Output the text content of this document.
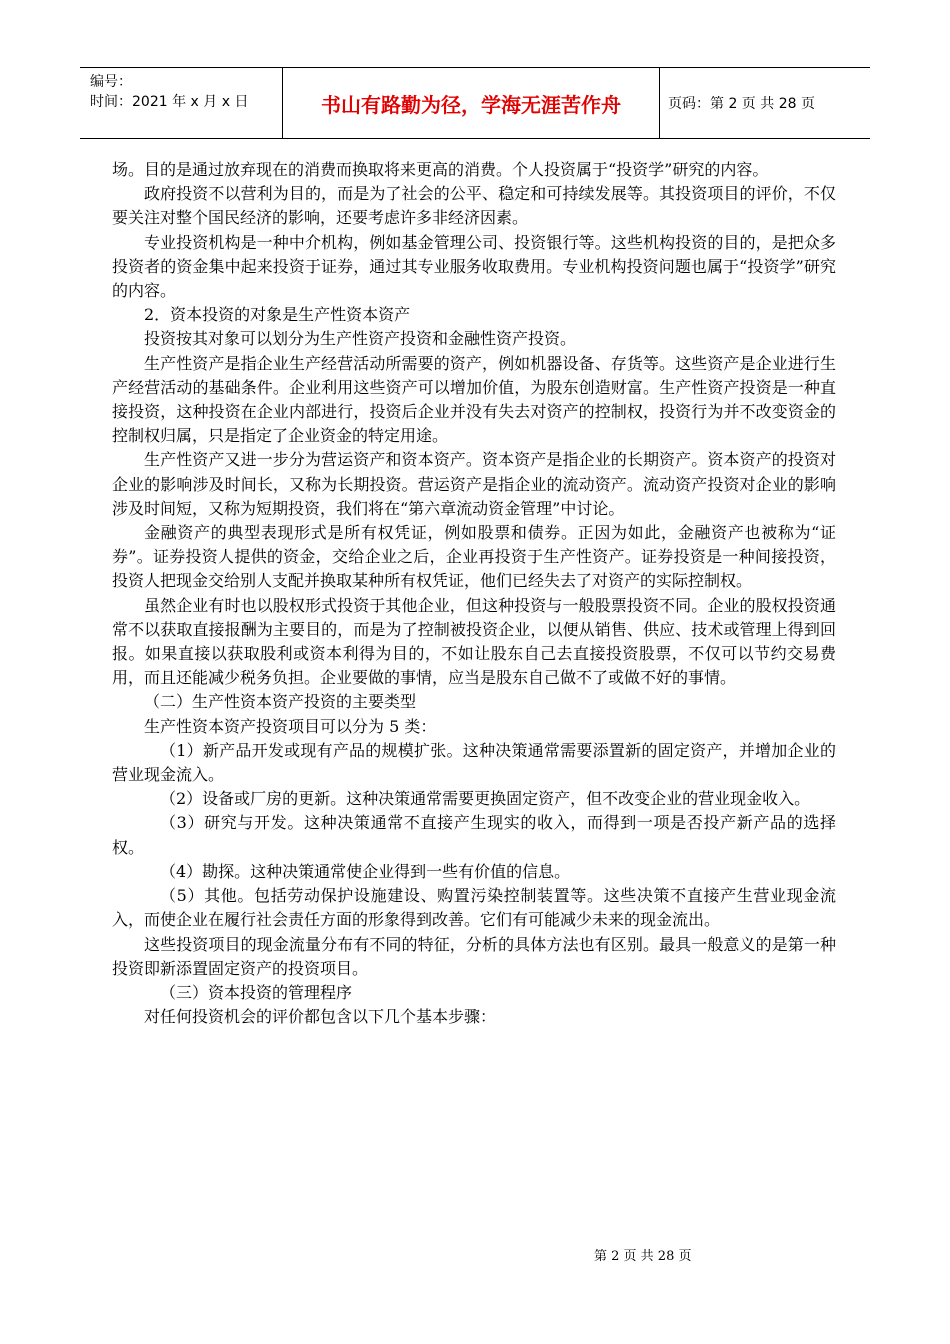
编号：
时间：2021 年 x 月 x 日	书山有路勤为径，学海无涯苦作舟	页码：第 2 页 共 28 页

场。目的是通过放弃现在的消费而换取将来更高的消费。个人投资属于“投资学”研究的内容。

政府投资不以营利为目的，而是为了社会的公平、稳定和可持续发展等。其投资项目的评价，不仅要关注对整个国民经济的影响，还要考虑许多非经济因素。

专业投资机构是一种中介机构，例如基金管理公司、投资银行等。这些机构投资的目的，是把众多投资者的资金集中起来投资于证券，通过其专业服务收取费用。专业机构投资问题也属于“投资学”研究的内容。

2．资本投资的对象是生产性资本资产

投资按其对象可以划分为生产性资产投资和金融性资产投资。

生产性资产是指企业生产经营活动所需要的资产，例如机器设备、存货等。这些资产是企业进行生产经营活动的基础条件。企业利用这些资产可以增加价值，为股东创造财富。生产性资产投资是一种直接投资，这种投资在企业内部进行，投资后企业并没有失去对资产的控制权，投资行为并不改变资金的控制权归属，只是指定了企业资金的特定用途。

生产性资产又进一步分为营运资产和资本资产。资本资产是指企业的长期资产。资本资产的投资对企业的影响涉及时间长，又称为长期投资。营运资产是指企业的流动资产。流动资产投资对企业的影响涉及时间短，又称为短期投资，我们将在“第六章流动资金管理”中讨论。

金融资产的典型表现形式是所有权凭证，例如股票和债券。正因为如此，金融资产也被称为“证券”。证券投资人提供的资金，交给企业之后，企业再投资于生产性资产。证券投资是一种间接投资，投资人把现金交给别人支配并换取某种所有权凭证，他们已经失去了对资产的实际控制权。

虽然企业有时也以股权形式投资于其他企业，但这种投资与一般股票投资不同。企业的股权投资通常不以获取直接报酬为主要目的，而是为了控制被投资企业，以便从销售、供应、技术或管理上得到回报。如果直接以获取股利或资本利得为目的，不如让股东自己去直接投资股票，不仅可以节约交易费用，而且还能减少税务负担。企业要做的事情，应当是股东自己做不了或做不好的事情。

（二）生产性资本资产投资的主要类型

生产性资本资产投资项目可以分为 5 类：

（1）新产品开发或现有产品的规模扩张。这种决策通常需要添置新的固定资产，并增加企业的营业现金流入。

（2）设备或厂房的更新。这种决策通常需要更换固定资产，但不改变企业的营业现金收入。

（3）研究与开发。这种决策通常不直接产生现实的收入，而得到一项是否投产新产品的选择权。

（4）勘探。这种决策通常使企业得到一些有价值的信息。

（5）其他。包括劳动保护设施建设、购置污染控制装置等。这些决策不直接产生营业现金流入，而使企业在履行社会责任方面的形象得到改善。它们有可能减少未来的现金流出。

这些投资项目的现金流量分布有不同的特征，分析的具体方法也有区别。最具一般意义的是第一种投资即新添置固定资产的投资项目。

（三）资本投资的管理程序

对任何投资机会的评价都包含以下几个基本步骤：

第 2 页 共 28 页
